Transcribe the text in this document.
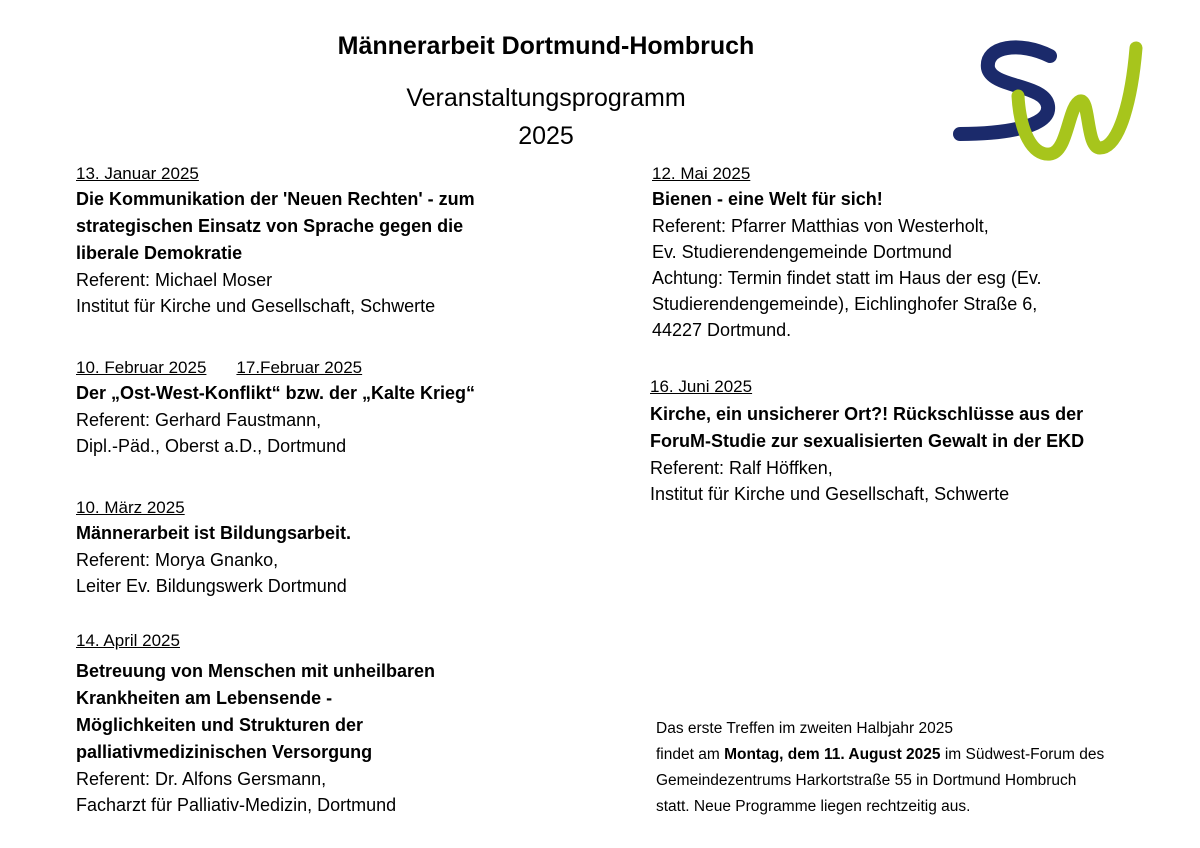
Männerarbeit Dortmund-Hombruch
Veranstaltungsprogramm
2025
13. Januar 2025
Die Kommunikation der 'Neuen Rechten' - zum
strategischen Einsatz von Sprache gegen die
liberale Demokratie
Referent: Michael Moser
Institut für Kirche und Gesellschaft, Schwerte
10. Februar 2025 17.Februar 2025
Der „Ost-West-Konflikt“ bzw. der „Kalte Krieg“
Referent: Gerhard Faustmann,
Dipl.-Päd., Oberst a.D., Dortmund
10. März 2025
Männerarbeit ist Bildungsarbeit.
Referent: Morya Gnanko,
Leiter Ev. Bildungswerk Dortmund
14. April 2025
Betreuung von Menschen mit unheilbaren
Krankheiten am Lebensende -
Möglichkeiten und Strukturen der
palliativmedizinischen Versorgung
Referent: Dr. Alfons Gersmann,
Facharzt für Palliativ-Medizin, Dortmund
12. Mai 2025
Bienen - eine Welt für sich!
Referent: Pfarrer Matthias von Westerholt,
Ev. Studierendengemeinde Dortmund
Achtung: Termin findet statt im Haus der esg (Ev.
Studierendengemeinde), Eichlinghofer Straße 6,
44227 Dortmund.
16. Juni 2025
Kirche, ein unsicherer Ort?! Rückschlüsse aus der
ForuM-Studie zur sexualisierten Gewalt in der EKD
Referent: Ralf Höffken,
Institut für Kirche und Gesellschaft, Schwerte
Das erste Treffen im zweiten Halbjahr 2025
findet am Montag, dem 11. August 2025 im Südwest-Forum des
Gemeindezentrums Harkortstraße 55 in Dortmund Hombruch
statt. Neue Programme liegen rechtzeitig aus.
